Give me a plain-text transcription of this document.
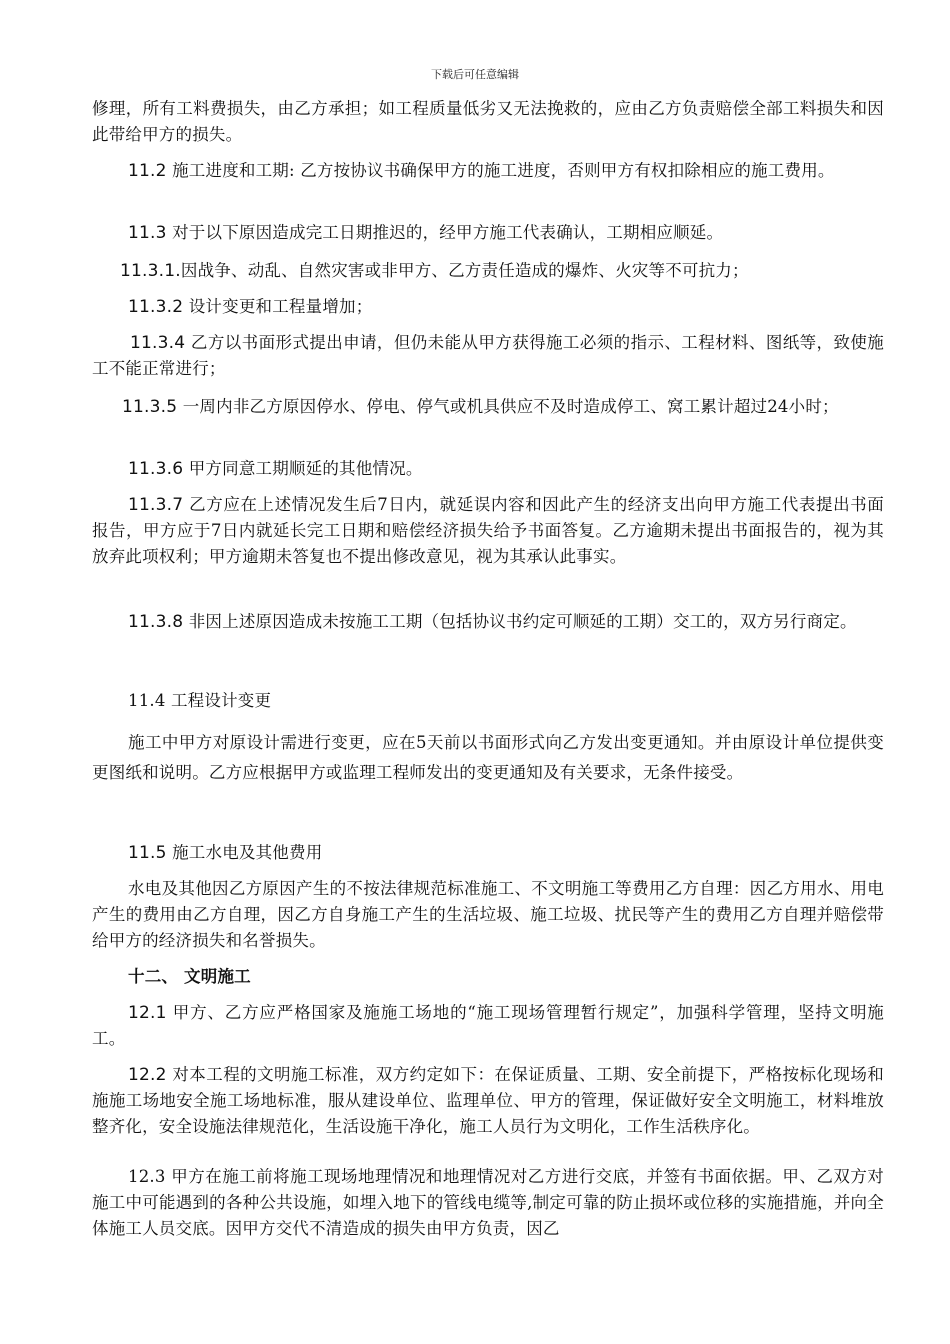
下载后可任意编辑
修理，所有工料费损失，由乙方承担；如工程质量低劣又无法挽救的，应由乙方负责赔偿全部工料损失和因此带给甲方的损失。
11.2 施工进度和工期: 乙方按协议书确保甲方的施工进度，否则甲方有权扣除相应的施工费用。
11.3 对于以下原因造成完工日期推迟的，经甲方施工代表确认，工期相应顺延。
11.3.1.因战争、动乱、自然灾害或非甲方、乙方责任造成的爆炸、火灾等不可抗力；
11.3.2 设计变更和工程量增加；
11.3.4 乙方以书面形式提出申请，但仍未能从甲方获得施工必须的指示、工程材料、图纸等，致使施工不能正常进行；
11.3.5 一周内非乙方原因停水、停电、停气或机具供应不及时造成停工、窝工累计超过24小时；
11.3.6 甲方同意工期顺延的其他情况。
11.3.7 乙方应在上述情况发生后7日内，就延误内容和因此产生的经济支出向甲方施工代表提出书面报告，甲方应于7日内就延长完工日期和赔偿经济损失给予书面答复。乙方逾期未提出书面报告的，视为其放弃此项权利；甲方逾期未答复也不提出修改意见，视为其承认此事实。
11.3.8 非因上述原因造成未按施工工期（包括协议书约定可顺延的工期）交工的，双方另行商定。
11.4 工程设计变更
施工中甲方对原设计需进行变更，应在5天前以书面形式向乙方发出变更通知。并由原设计单位提供变更图纸和说明。乙方应根据甲方或监理工程师发出的变更通知及有关要求，无条件接受。
11.5 施工水电及其他费用
水电及其他因乙方原因产生的不按法律规范标准施工、不文明施工等费用乙方自理：因乙方用水、用电产生的费用由乙方自理，因乙方自身施工产生的生活垃圾、施工垃圾、扰民等产生的费用乙方自理并赔偿带给甲方的经济损失和名誉损失。
十二、 文明施工
12.1 甲方、乙方应严格国家及施施工场地的“施工现场管理暂行规定”，加强科学管理，坚持文明施工。
12.2 对本工程的文明施工标准，双方约定如下：在保证质量、工期、安全前提下，严格按标化现场和施施工场地安全施工场地标准，服从建设单位、监理单位、甲方的管理，保证做好安全文明施工，材料堆放整齐化，安全设施法律规范化，生活设施干净化，施工人员行为文明化，工作生活秩序化。
12.3 甲方在施工前将施工现场地理情况和地理情况对乙方进行交底，并签有书面依据。甲、乙双方对施工中可能遇到的各种公共设施，如埋入地下的管线电缆等,制定可靠的防止损坏或位移的实施措施，并向全体施工人员交底。因甲方交代不清造成的损失由甲方负责，因乙
